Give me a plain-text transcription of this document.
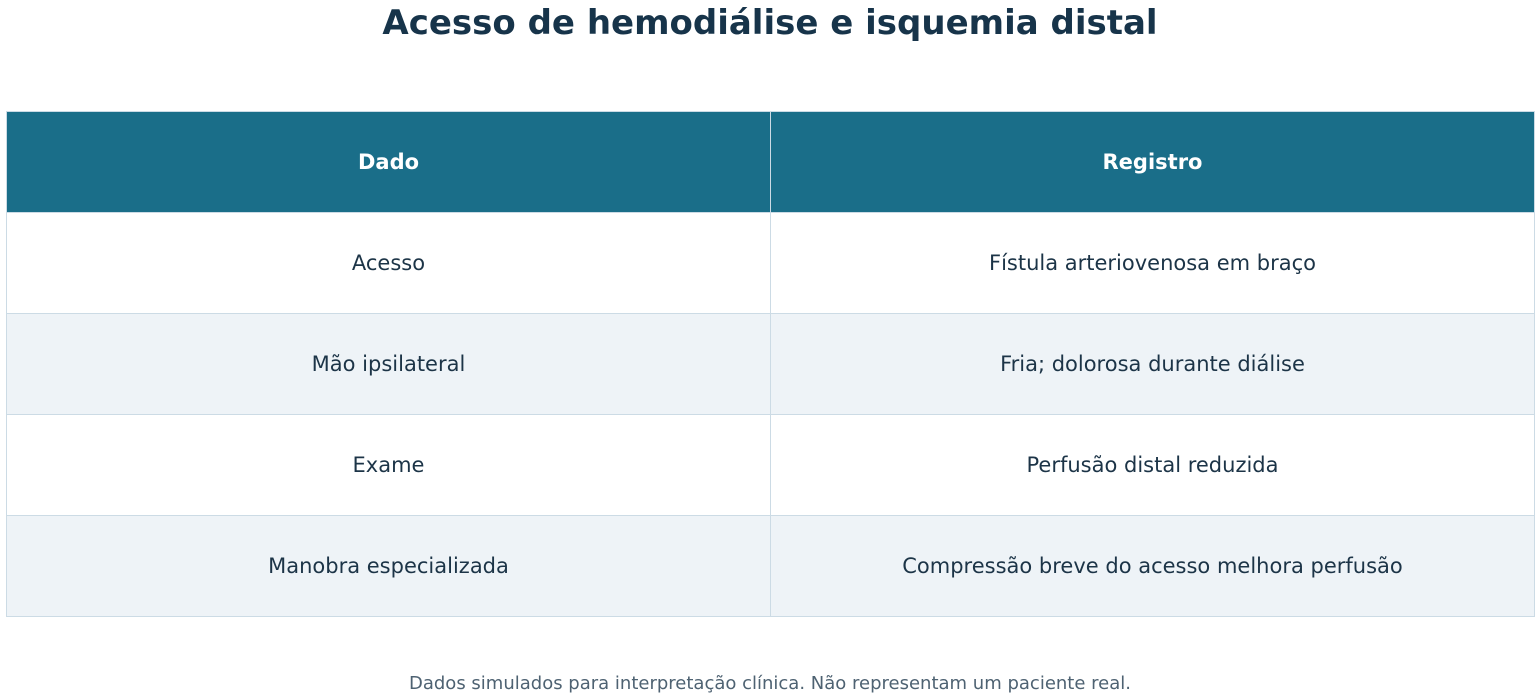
Acesso de hemodiálise e isquemia distal
Dado	Registro
Acesso	Fístula arteriovenosa em braço
Mão ipsilateral	Fria; dolorosa durante diálise
Exame	Perfusão distal reduzida
Manobra especializada	Compressão breve do acesso melhora perfusão
Dados simulados para interpretação clínica. Não representam um paciente real.
